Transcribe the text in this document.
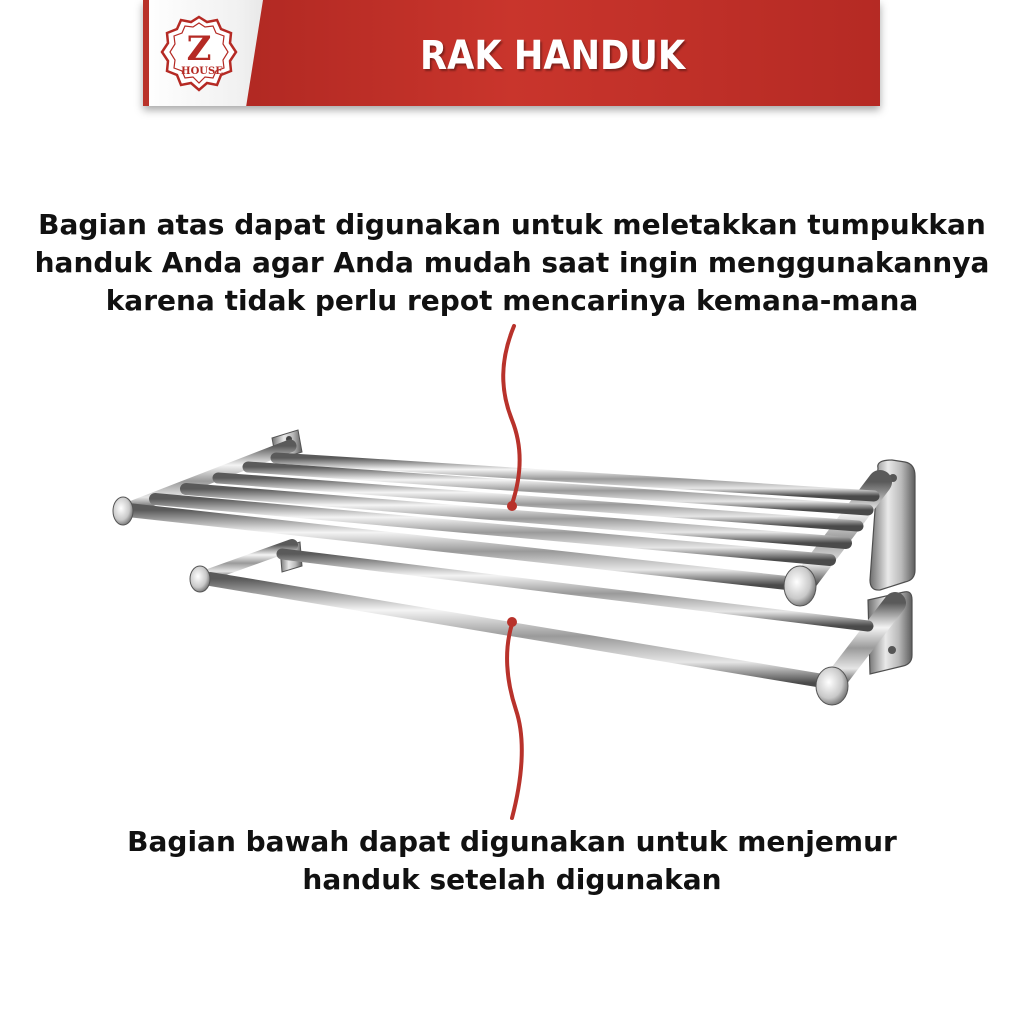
Z
HOUSE	RAK HANDUK
Bagian atas dapat digunakan untuk meletakkan tumpukkan
handuk Anda agar Anda mudah saat ingin menggunakannya
karena tidak perlu repot mencarinya kemana-mana
Bagian bawah dapat digunakan untuk menjemur
handuk setelah digunakan
